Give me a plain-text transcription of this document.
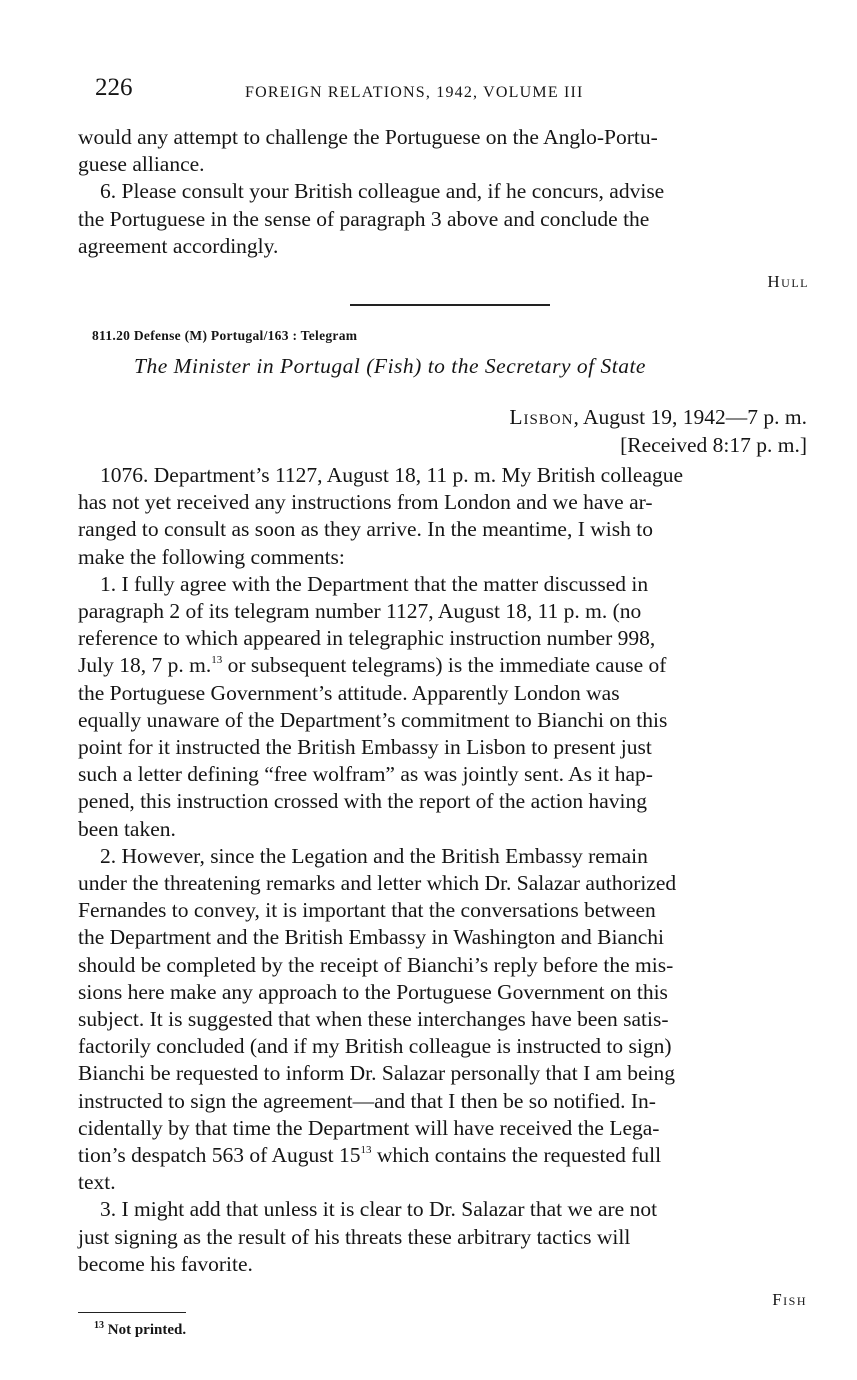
226	FOREIGN RELATIONS, 1942, VOLUME III

would any attempt to challenge the Portuguese on the Anglo-Portu-
guese alliance.

6. Please consult your British colleague and, if he concurs, advise
the Portuguese in the sense of paragraph 3 above and conclude the
agreement accordingly.

Hull
811.20 Defense (M) Portugal/163 : Telegram
The Minister in Portugal (Fish) to the Secretary of State
Lisbon, August 19, 1942—7 p. m.
[Received 8:17 p. m.]

1076. Department’s 1127, August 18, 11 p. m. My British colleague
has not yet received any instructions from London and we have ar-
ranged to consult as soon as they arrive. In the meantime, I wish to
make the following comments:

1. I fully agree with the Department that the matter discussed in
paragraph 2 of its telegram number 1127, August 18, 11 p. m. (no
reference to which appeared in telegraphic instruction number 998,
July 18, 7 p. m.$^{13}$ or subsequent telegrams) is the immediate cause of
the Portuguese Government’s attitude. Apparently London was
equally unaware of the Department’s commitment to Bianchi on this
point for it instructed the British Embassy in Lisbon to present just
such a letter defining “free wolfram” as was jointly sent. As it hap-
pened, this instruction crossed with the report of the action having
been taken.

2. However, since the Legation and the British Embassy remain
under the threatening remarks and letter which Dr. Salazar authorized
Fernandes to convey, it is important that the conversations between
the Department and the British Embassy in Washington and Bianchi
should be completed by the receipt of Bianchi’s reply before the mis-
sions here make any approach to the Portuguese Government on this
subject. It is suggested that when these interchanges have been satis-
factorily concluded (and if my British colleague is instructed to sign)
Bianchi be requested to inform Dr. Salazar personally that I am being
instructed to sign the agreement—and that I then be so notified. In-
cidentally by that time the Department will have received the Lega-
tion’s despatch 563 of August $15^{13}$ which contains the requested full
text.

3. I might add that unless it is clear to Dr. Salazar that we are not
just signing as the result of his threats these arbitrary tactics will
become his favorite.

Fish
$^{13}$ Not printed.
